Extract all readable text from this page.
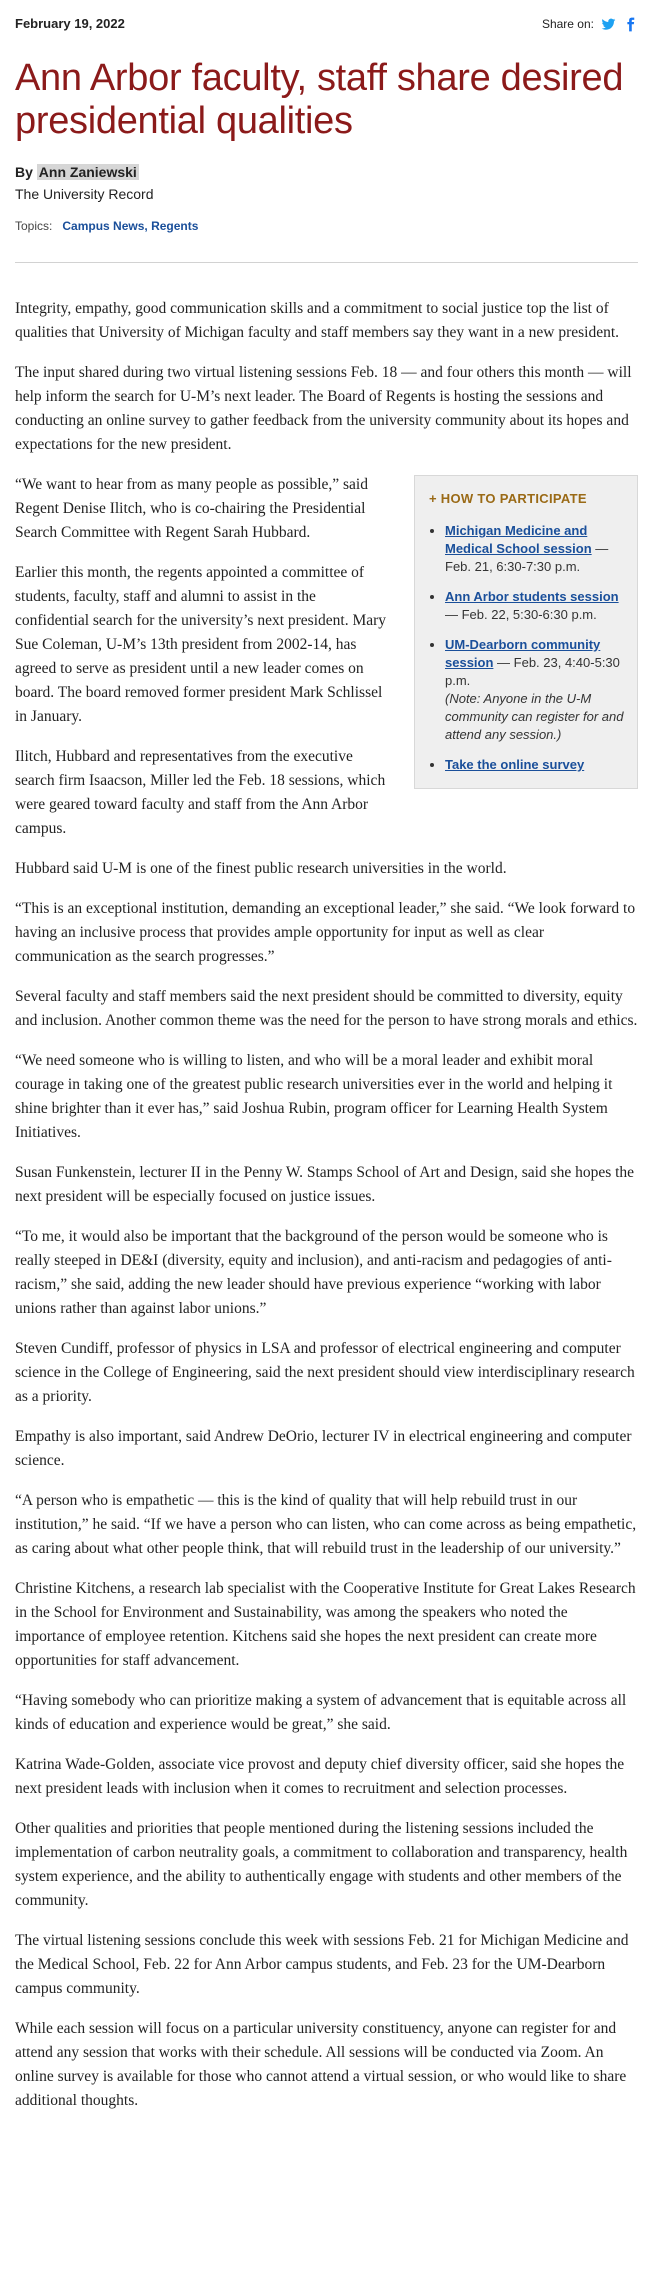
February 19, 2022	Share on:
Ann Arbor faculty, staff share desired presidential qualities
By Ann Zaniewski
The University Record
Topics: Campus News, Regents

Integrity, empathy, good communication skills and a commitment to social justice top the list of qualities that University of Michigan faculty and staff members say they want in a new president.

The input shared during two virtual listening sessions Feb. 18 — and four others this month — will help inform the search for U-M’s next leader. The Board of Regents is hosting the sessions and conducting an online survey to gather feedback from the university community about its hopes and expectations for the new president.

+ HOW TO PARTICIPATE
• Michigan Medicine and Medical School session — Feb. 21, 6:30-7:30 p.m.
• Ann Arbor students session — Feb. 22, 5:30-6:30 p.m.
• UM-Dearborn community session — Feb. 23, 4:40-5:30 p.m.
(Note: Anyone in the U-M community can register for and attend any session.)
• Take the online survey

“We want to hear from as many people as possible,” said Regent Denise Ilitch, who is co-chairing the Presidential Search Committee with Regent Sarah Hubbard.

Earlier this month, the regents appointed a committee of students, faculty, staff and alumni to assist in the confidential search for the university’s next president. Mary Sue Coleman, U-M’s 13th president from 2002-14, has agreed to serve as president until a new leader comes on board. The board removed former president Mark Schlissel in January.

Ilitch, Hubbard and representatives from the executive search firm Isaacson, Miller led the Feb. 18 sessions, which were geared toward faculty and staff from the Ann Arbor campus.

Hubbard said U-M is one of the finest public research universities in the world.

“This is an exceptional institution, demanding an exceptional leader,” she said. “We look forward to having an inclusive process that provides ample opportunity for input as well as clear communication as the search progresses.”

Several faculty and staff members said the next president should be committed to diversity, equity and inclusion. Another common theme was the need for the person to have strong morals and ethics.

“We need someone who is willing to listen, and who will be a moral leader and exhibit moral courage in taking one of the greatest public research universities ever in the world and helping it shine brighter than it ever has,” said Joshua Rubin, program officer for Learning Health System Initiatives.

Susan Funkenstein, lecturer II in the Penny W. Stamps School of Art and Design, said she hopes the next president will be especially focused on justice issues.

“To me, it would also be important that the background of the person would be someone who is really steeped in DE&I (diversity, equity and inclusion), and anti-racism and pedagogies of anti-racism,” she said, adding the new leader should have previous experience “working with labor unions rather than against labor unions.”

Steven Cundiff, professor of physics in LSA and professor of electrical engineering and computer science in the College of Engineering, said the next president should view interdisciplinary research as a priority.

Empathy is also important, said Andrew DeOrio, lecturer IV in electrical engineering and computer science.

“A person who is empathetic — this is the kind of quality that will help rebuild trust in our institution,” he said. “If we have a person who can listen, who can come across as being empathetic, as caring about what other people think, that will rebuild trust in the leadership of our university.”

Christine Kitchens, a research lab specialist with the Cooperative Institute for Great Lakes Research in the School for Environment and Sustainability, was among the speakers who noted the importance of employee retention. Kitchens said she hopes the next president can create more opportunities for staff advancement.

“Having somebody who can prioritize making a system of advancement that is equitable across all kinds of education and experience would be great,” she said.

Katrina Wade-Golden, associate vice provost and deputy chief diversity officer, said she hopes the next president leads with inclusion when it comes to recruitment and selection processes.

Other qualities and priorities that people mentioned during the listening sessions included the implementation of carbon neutrality goals, a commitment to collaboration and transparency, health system experience, and the ability to authentically engage with students and other members of the community.

The virtual listening sessions conclude this week with sessions Feb. 21 for Michigan Medicine and the Medical School, Feb. 22 for Ann Arbor campus students, and Feb. 23 for the UM-Dearborn campus community.

While each session will focus on a particular university constituency, anyone can register for and attend any session that works with their schedule. All sessions will be conducted via Zoom. An online survey is available for those who cannot attend a virtual session, or who would like to share additional thoughts.
